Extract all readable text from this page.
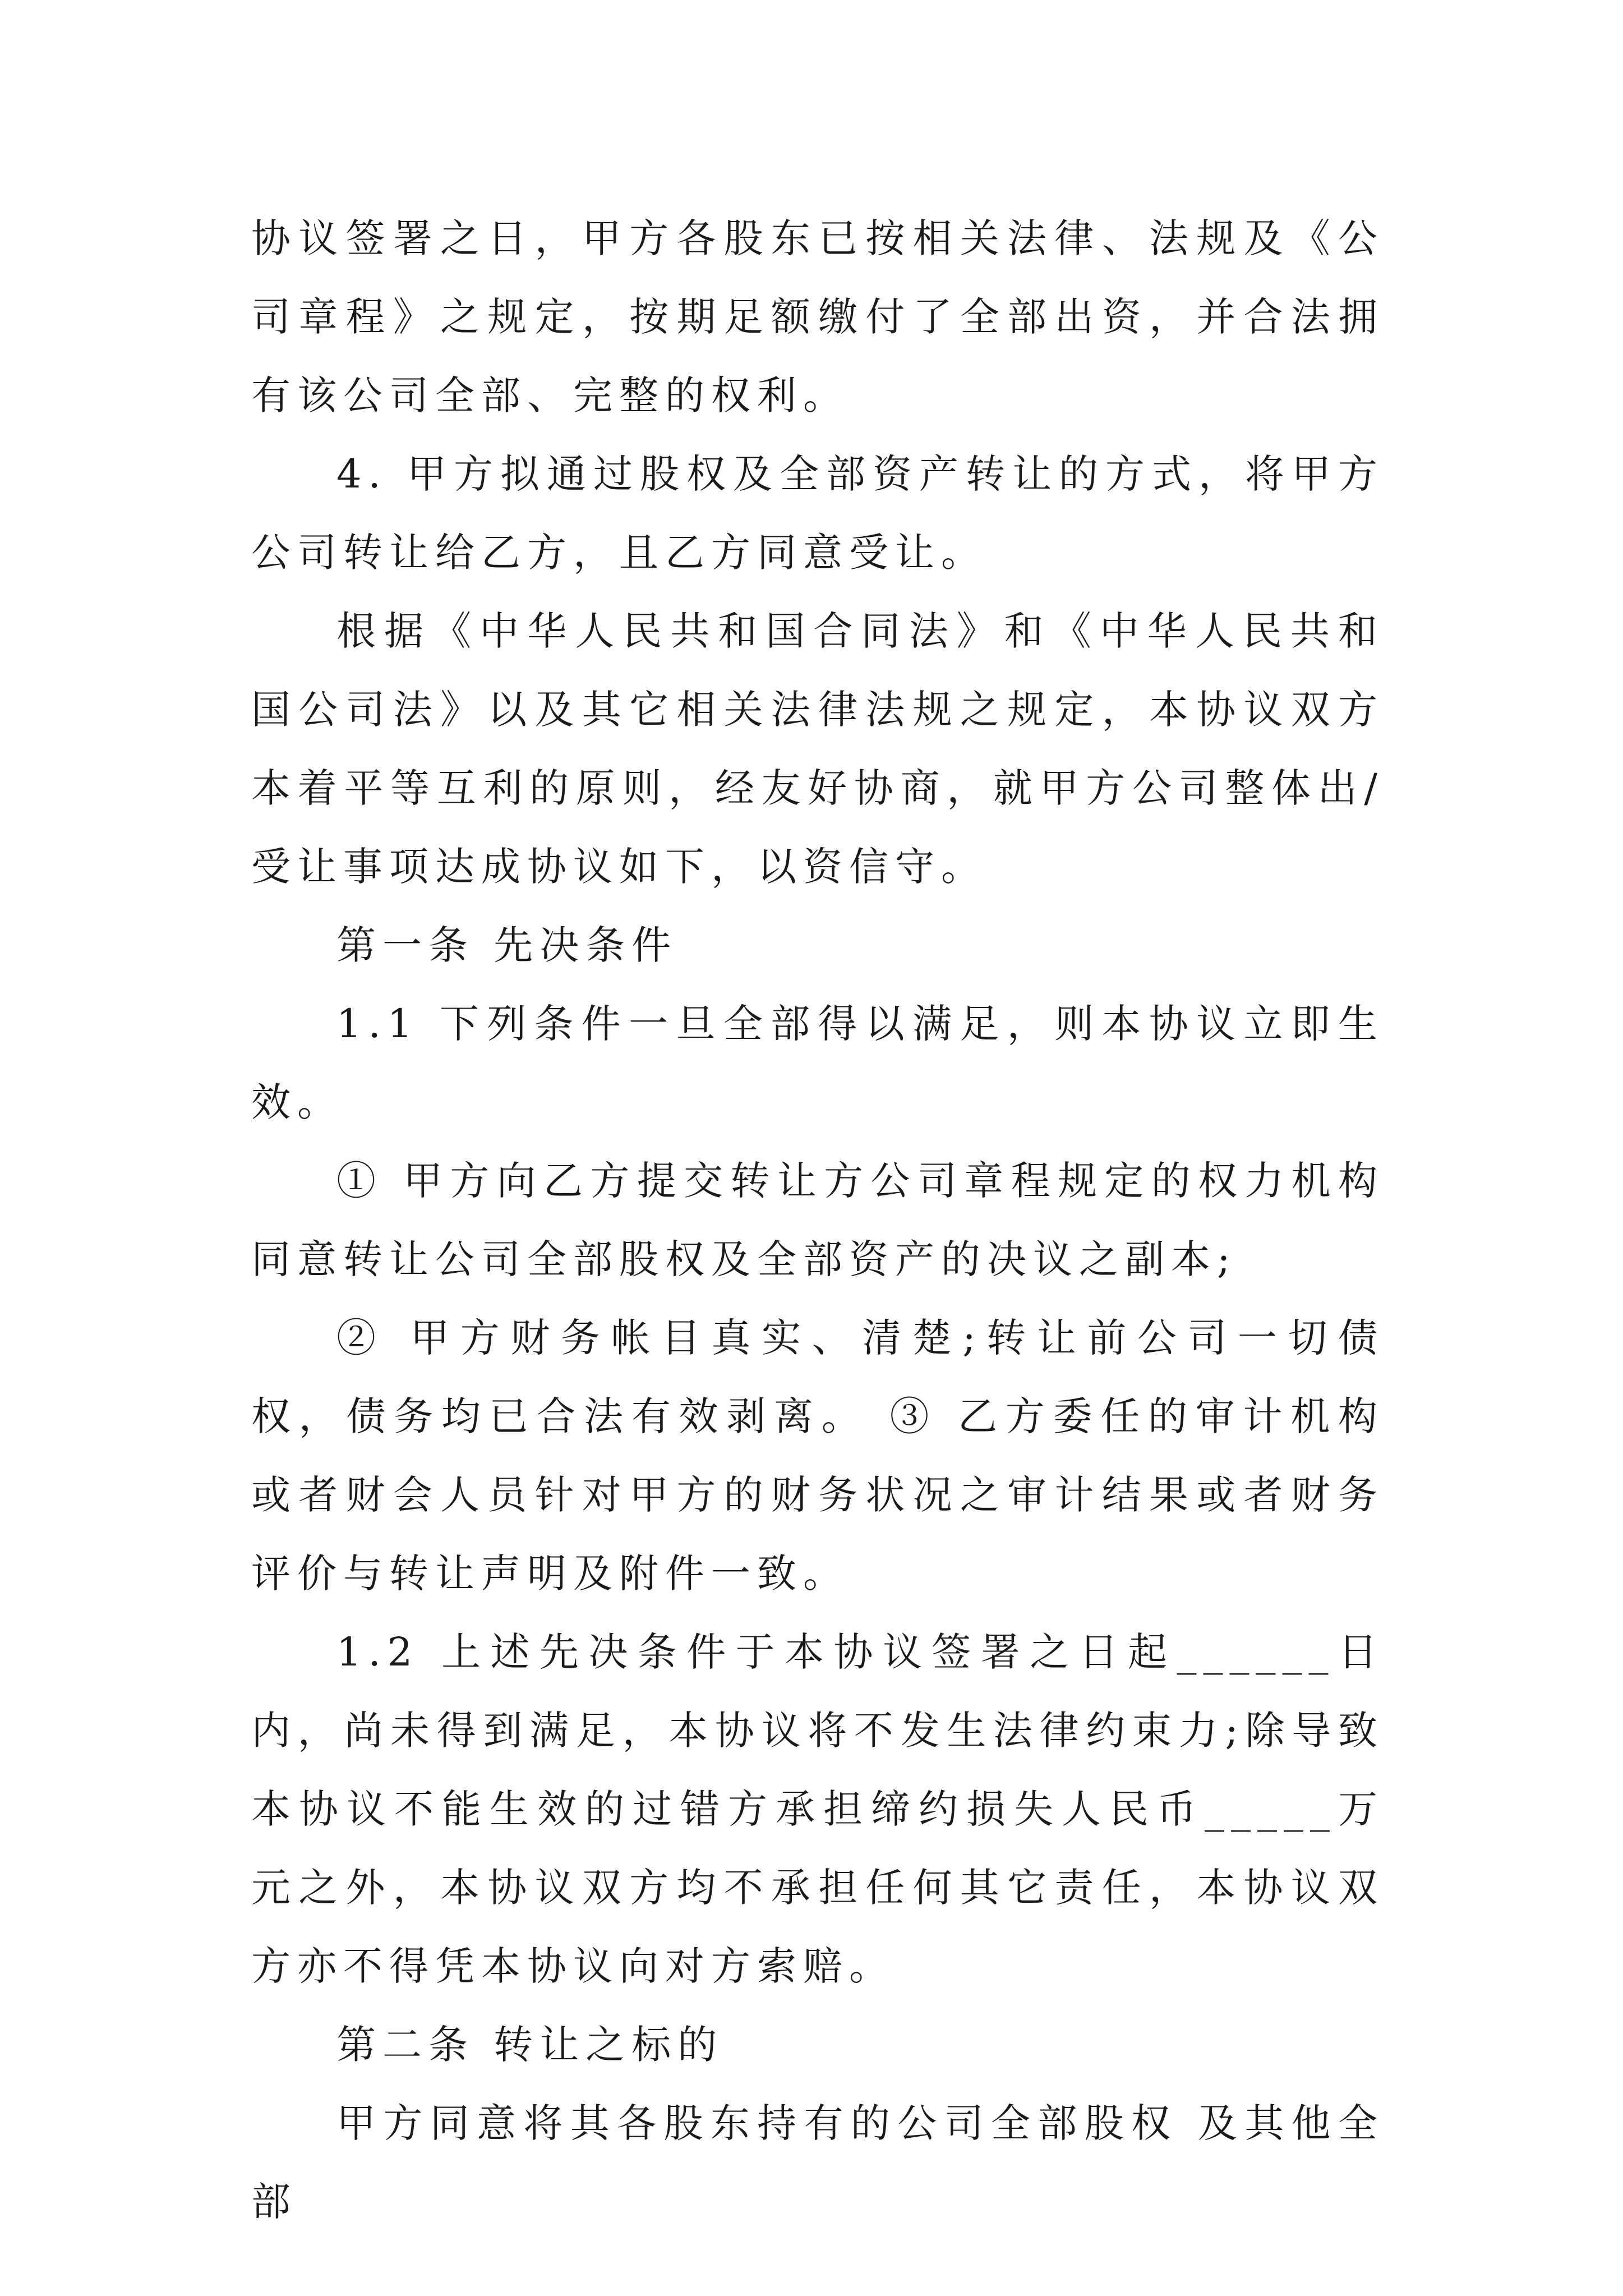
协议签署之日，甲方各股东已按相关法律、法规及《公司章程》之规定，按期足额缴付了全部出资，并合法拥有该公司全部、完整的权利。

4. 甲方拟通过股权及全部资产转让的方式，将甲方公司转让给乙方，且乙方同意受让。

根据《中华人民共和国合同法》和《中华人民共和国公司法》以及其它相关法律法规之规定，本协议双方本着平等互利的原则，经友好协商，就甲方公司整体出/受让事项达成协议如下，以资信守。

第一条 先决条件

1.1 下列条件一旦全部得以满足，则本协议立即生效。

① 甲方向乙方提交转让方公司章程规定的权力机构同意转让公司全部股权及全部资产的决议之副本;

② 甲方财务帐目真实、清楚;转让前公司一切债权，债务均已合法有效剥离。 ③ 乙方委任的审计机构或者财会人员针对甲方的财务状况之审计结果或者财务评价与转让声明及附件一致。

1.2 上述先决条件于本协议签署之日起______日内，尚未得到满足，本协议将不发生法律约束力;除导致本协议不能生效的过错方承担缔约损失人民币_____万元之外，本协议双方均不承担任何其它责任，本协议双方亦不得凭本协议向对方索赔。

第二条 转让之标的

甲方同意将其各股东持有的公司全部股权 及其他全部
